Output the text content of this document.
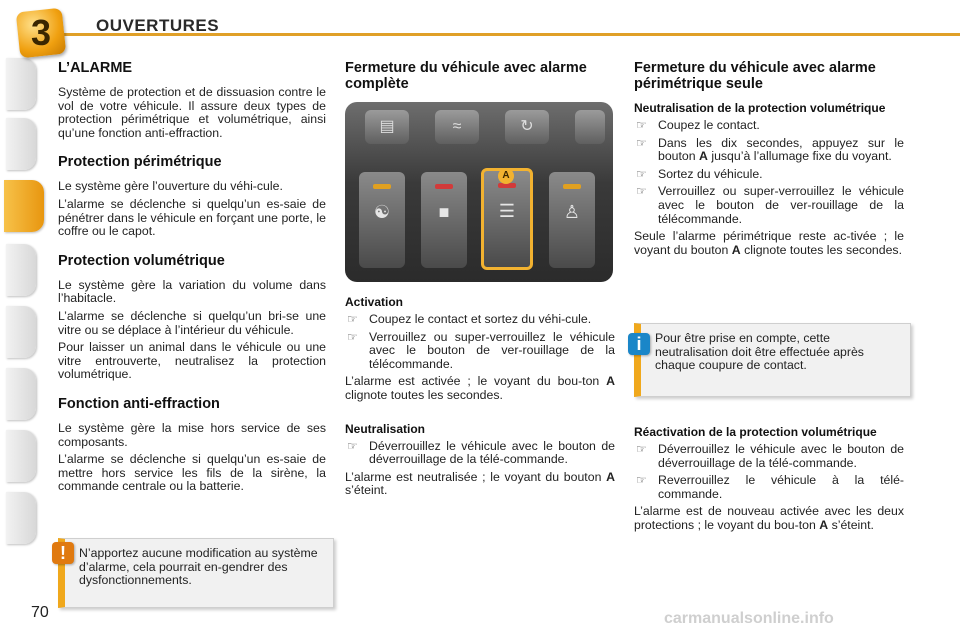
3	OUVERTURES
L’ALARME

Système de protection et de dissuasion contre le vol de votre véhicule. Il assure deux types de protection périmétrique et volumétrique, ainsi qu’une fonction anti-effraction.

Protection périmétrique

Le système gère l’ouverture du véhi-cule.

L’alarme se déclenche si quelqu’un es-saie de pénétrer dans le véhicule en forçant une porte, le coffre ou le capot.

Protection volumétrique

Le système gère la variation du volume dans l’habitacle.

L’alarme se déclenche si quelqu’un bri-se une vitre ou se déplace à l’intérieur du véhicule.

Pour laisser un animal dans le véhicule ou une vitre entrouverte, neutralisez la protection volumétrique.

Fonction anti-effraction

Le système gère la mise hors service de ses composants.

L’alarme se déclenche si quelqu’un es-saie de mettre hors service les fils de la sirène, la commande centrale ou la batterie.

N’apportez aucune modification au système d’alarme, cela pourrait en-gendrer des dysfonctionnements.
!
Fermeture du véhicule avec alarme complète
▤	≈	↻
☯	■	☰	♙
A
Activation
☞ Coupez le contact et sortez du véhi-cule.
☞ Verrouillez ou super-verrouillez le véhicule avec le bouton de ver-rouillage de la télécommande.

L’alarme est activée ; le voyant du bou-ton A clignote toutes les secondes.

Neutralisation
☞ Déverrouillez le véhicule avec le bouton de déverrouillage de la télé-commande.

L’alarme est neutralisée ; le voyant du bouton A s’éteint.

Fermeture du véhicule avec alarme périmétrique seule
Neutralisation de la protection volumétrique
☞ Coupez le contact.
☞ Dans les dix secondes, appuyez sur le bouton A jusqu’à l’allumage fixe du voyant.
☞ Sortez du véhicule.
☞ Verrouillez ou super-verrouillez le véhicule avec le bouton de ver-rouillage de la télécommande.

Seule l’alarme périmétrique reste ac-tivée ; le voyant du bouton A clignote toutes les secondes.

Pour être prise en compte, cette neutralisation doit être effectuée après chaque coupure de contact.
i
Réactivation de la protection volumétrique
☞ Déverrouillez le véhicule avec le bouton de déverrouillage de la télé-commande.
☞ Reverrouillez le véhicule à la télé-commande.

L’alarme est de nouveau activée avec les deux protections ; le voyant du bou-ton A s’éteint.

70	carmanualsonline.info
